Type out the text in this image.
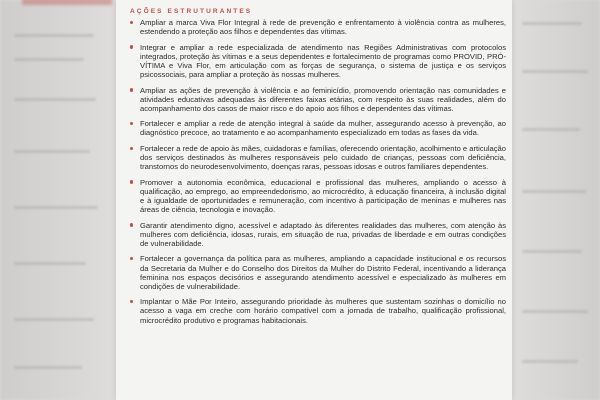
AÇÕES ESTRUTURANTES
Ampliar a marca Viva Flor Integral à rede de prevenção e enfrentamento à violência contra as mulheres, estendendo a proteção aos filhos e dependentes das vítimas.
Integrar e ampliar a rede especializada de atendimento nas Regiões Administrativas com protocolos integrados, proteção às vítimas e a seus dependentes e fortalecimento de programas como PROVID, PRÓ-VÍTIMA e Viva Flor, em articulação com as forças de segurança, o sistema de justiça e os serviços psicossociais, para ampliar a proteção às nossas mulheres.
Ampliar as ações de prevenção à violência e ao feminicídio, promovendo orientação nas comunidades e atividades educativas adequadas às diferentes faixas etárias, com respeito às suas realidades, além do acompanhamento dos casos de maior risco e do apoio aos filhos e dependentes das vítimas.
Fortalecer e ampliar a rede de atenção integral à saúde da mulher, assegurando acesso à prevenção, ao diagnóstico precoce, ao tratamento e ao acompanhamento especializado em todas as fases da vida.
Fortalecer a rede de apoio às mães, cuidadoras e famílias, oferecendo orientação, acolhimento e articulação dos serviços destinados às mulheres responsáveis pelo cuidado de crianças, pessoas com deficiência, transtornos do neurodesenvolvimento, doenças raras, pessoas idosas e outros familiares dependentes.
Promover a autonomia econômica, educacional e profissional das mulheres, ampliando o acesso à qualificação, ao emprego, ao empreendedorismo, ao microcrédito, à educação financeira, à inclusão digital e à igualdade de oportunidades e remuneração, com incentivo à participação de meninas e mulheres nas áreas de ciência, tecnologia e inovação.
Garantir atendimento digno, acessível e adaptado às diferentes realidades das mulheres, com atenção às mulheres com deficiência, idosas, rurais, em situação de rua, privadas de liberdade e em outras condições de vulnerabilidade.
Fortalecer a governança da política para as mulheres, ampliando a capacidade institucional e os recursos da Secretaria da Mulher e do Conselho dos Direitos da Mulher do Distrito Federal, incentivando a liderança feminina nos espaços decisórios e assegurando atendimento acessível e especializado às mulheres em condições de vulnerabilidade.
Implantar o Mãe Por Inteiro, assegurando prioridade às mulheres que sustentam sozinhas o domicílio no acesso a vaga em creche com horário compatível com a jornada de trabalho, qualificação profissional, microcrédito produtivo e programas habitacionais.
